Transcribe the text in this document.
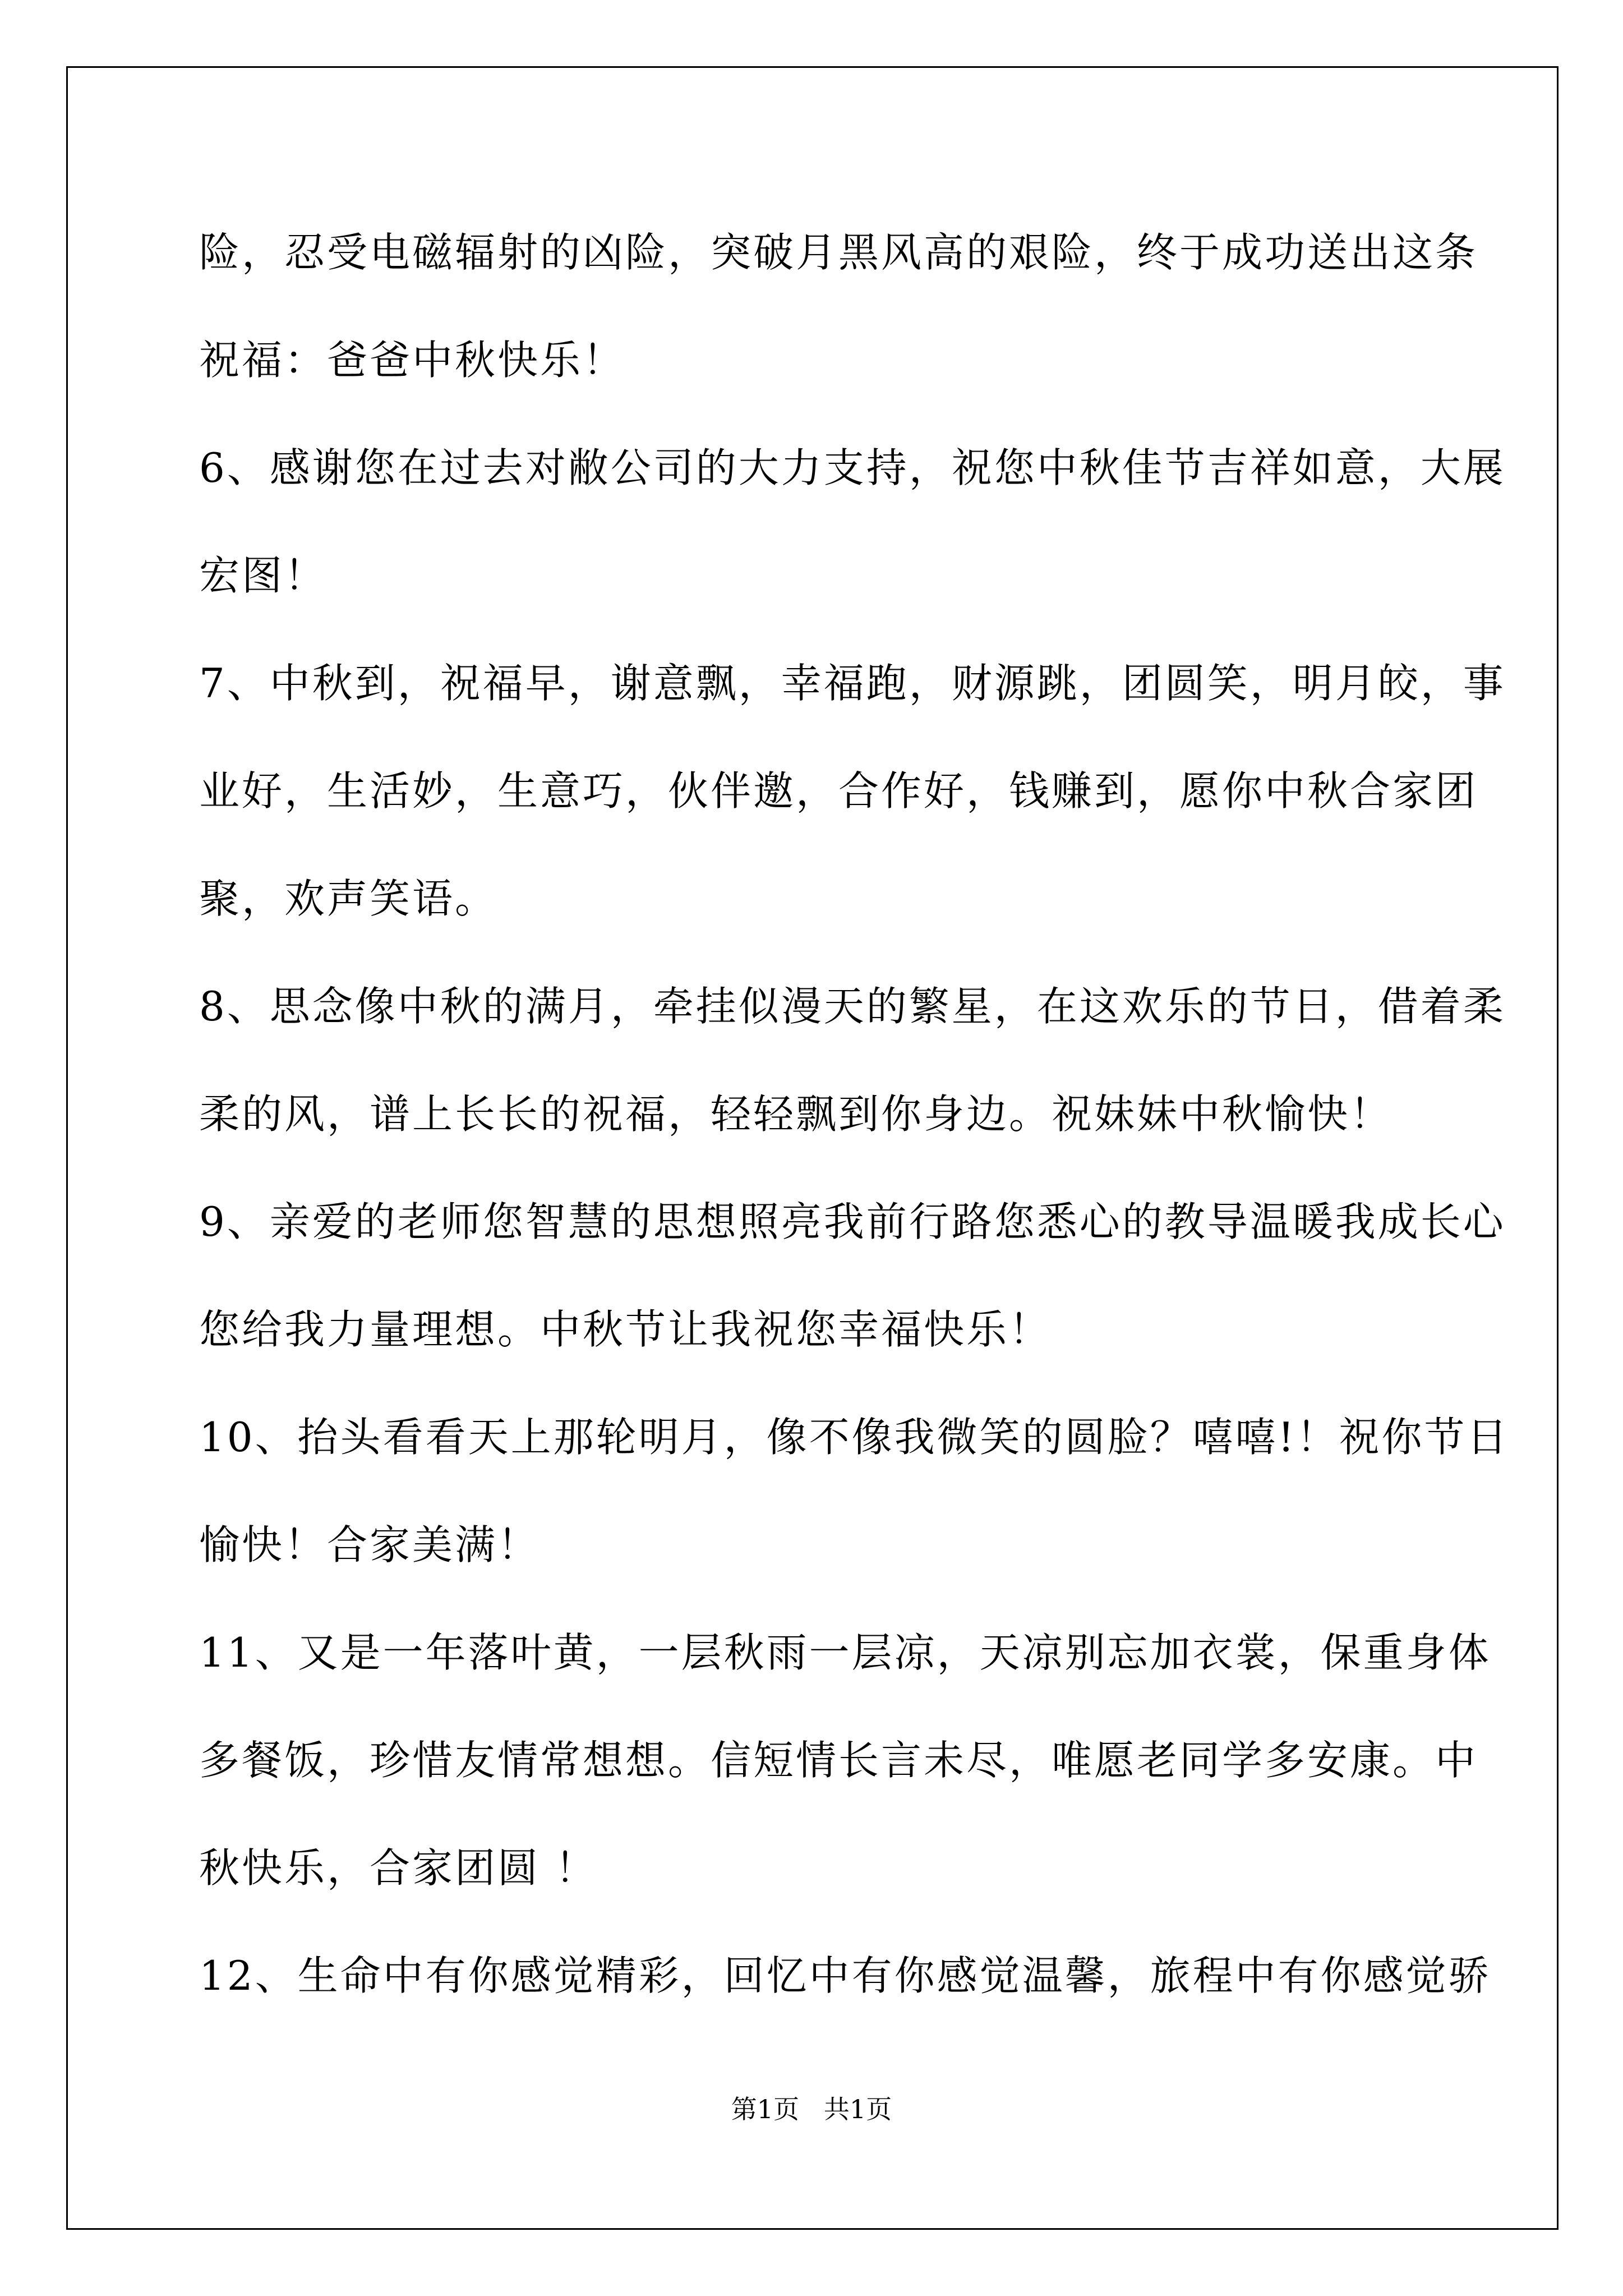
险，忍受电磁辐射的凶险，突破月黑风高的艰险，终于成功送出这条
祝福：爸爸中秋快乐！
6、感谢您在过去对敝公司的大力支持，祝您中秋佳节吉祥如意，大展
宏图！
7、中秋到，祝福早，谢意飘，幸福跑，财源跳，团圆笑，明月皎，事
业好，生活妙，生意巧，伙伴邀，合作好，钱赚到，愿你中秋合家团
聚，欢声笑语。
8、思念像中秋的满月，牵挂似漫天的繁星，在这欢乐的节日，借着柔
柔的风，谱上长长的祝福，轻轻飘到你身边。祝妹妹中秋愉快！
9、亲爱的老师您智慧的思想照亮我前行路您悉心的教导温暖我成长心
您给我力量理想。中秋节让我祝您幸福快乐！
10、抬头看看天上那轮明月，像不像我微笑的圆脸？嘻嘻!！祝你节日
愉快！合家美满！
11、又是一年落叶黄，一层秋雨一层凉，天凉别忘加衣裳，保重身体
多餐饭，珍惜友情常想想。信短情长言未尽，唯愿老同学多安康。中
秋快乐，合家团圆 ！
12、生命中有你感觉精彩，回忆中有你感觉温馨，旅程中有你感觉骄
第1页   共1页
